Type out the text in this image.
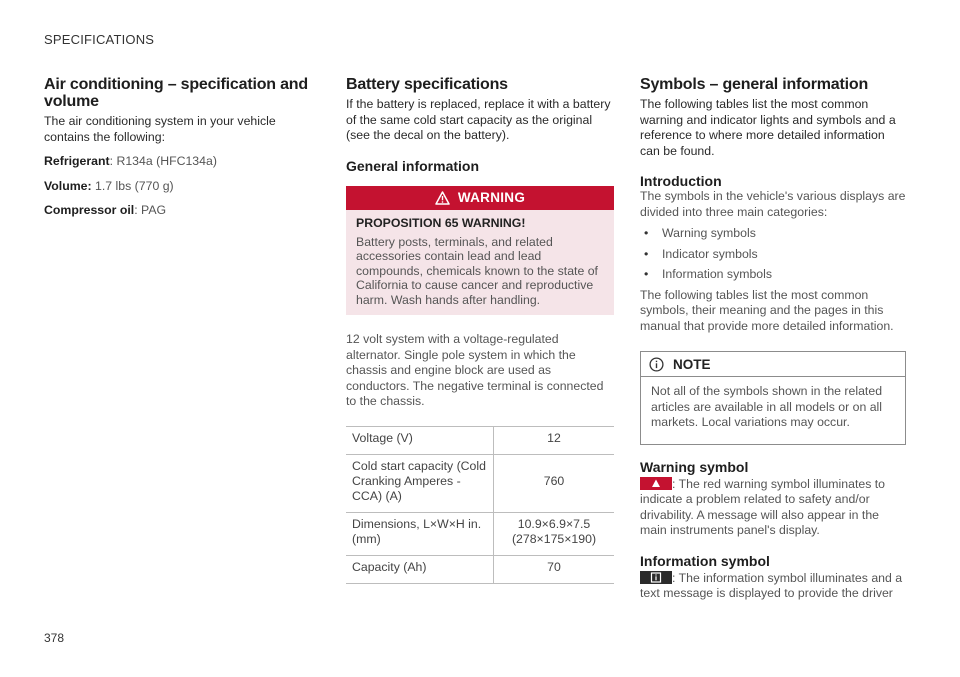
SPECIFICATIONS
Air conditioning – specification and volume

The air conditioning system in your vehicle contains the following:

Refrigerant: R134a (HFC134a)
Volume: 1.7 lbs (770 g)
Compressor oil: PAG
Battery specifications

If the battery is replaced, replace it with a battery of the same cold start capacity as the original (see the decal on the battery).

General information
WARNING
PROPOSITION 65 WARNING!
Battery posts, terminals, and related accessories contain lead and lead compounds, chemicals known to the state of California to cause cancer and reproductive harm. Wash hands after handling.

12 volt system with a voltage-regulated alternator. Single pole system in which the chassis and engine block are used as conductors. The negative terminal is connected to the chassis.

Voltage (V)	12
Cold start capacity (Cold Cranking Amperes - CCA) (A)	760
Dimensions, L×W×H in. (mm)	10.9×6.9×7.5 (278×175×190)
Capacity (Ah)	70
Symbols – general information

The following tables list the most common warning and indicator lights and symbols and a reference to where more detailed information can be found.

Introduction

The symbols in the vehicle's various displays are divided into three main categories:

• Warning symbols
• Indicator symbols
• Information symbols

The following tables list the most common symbols, their meaning and the pages in this manual that provide more detailed information.

NOTE
Not all of the symbols shown in the related articles are available in all models or on all markets. Local variations may occur.
Warning symbol

: The red warning symbol illuminates to indicate a problem related to safety and/or drivability. A message will also appear in the main instruments panel's display.

Information symbol

: The information symbol illuminates and a text message is displayed to provide the driver

378
